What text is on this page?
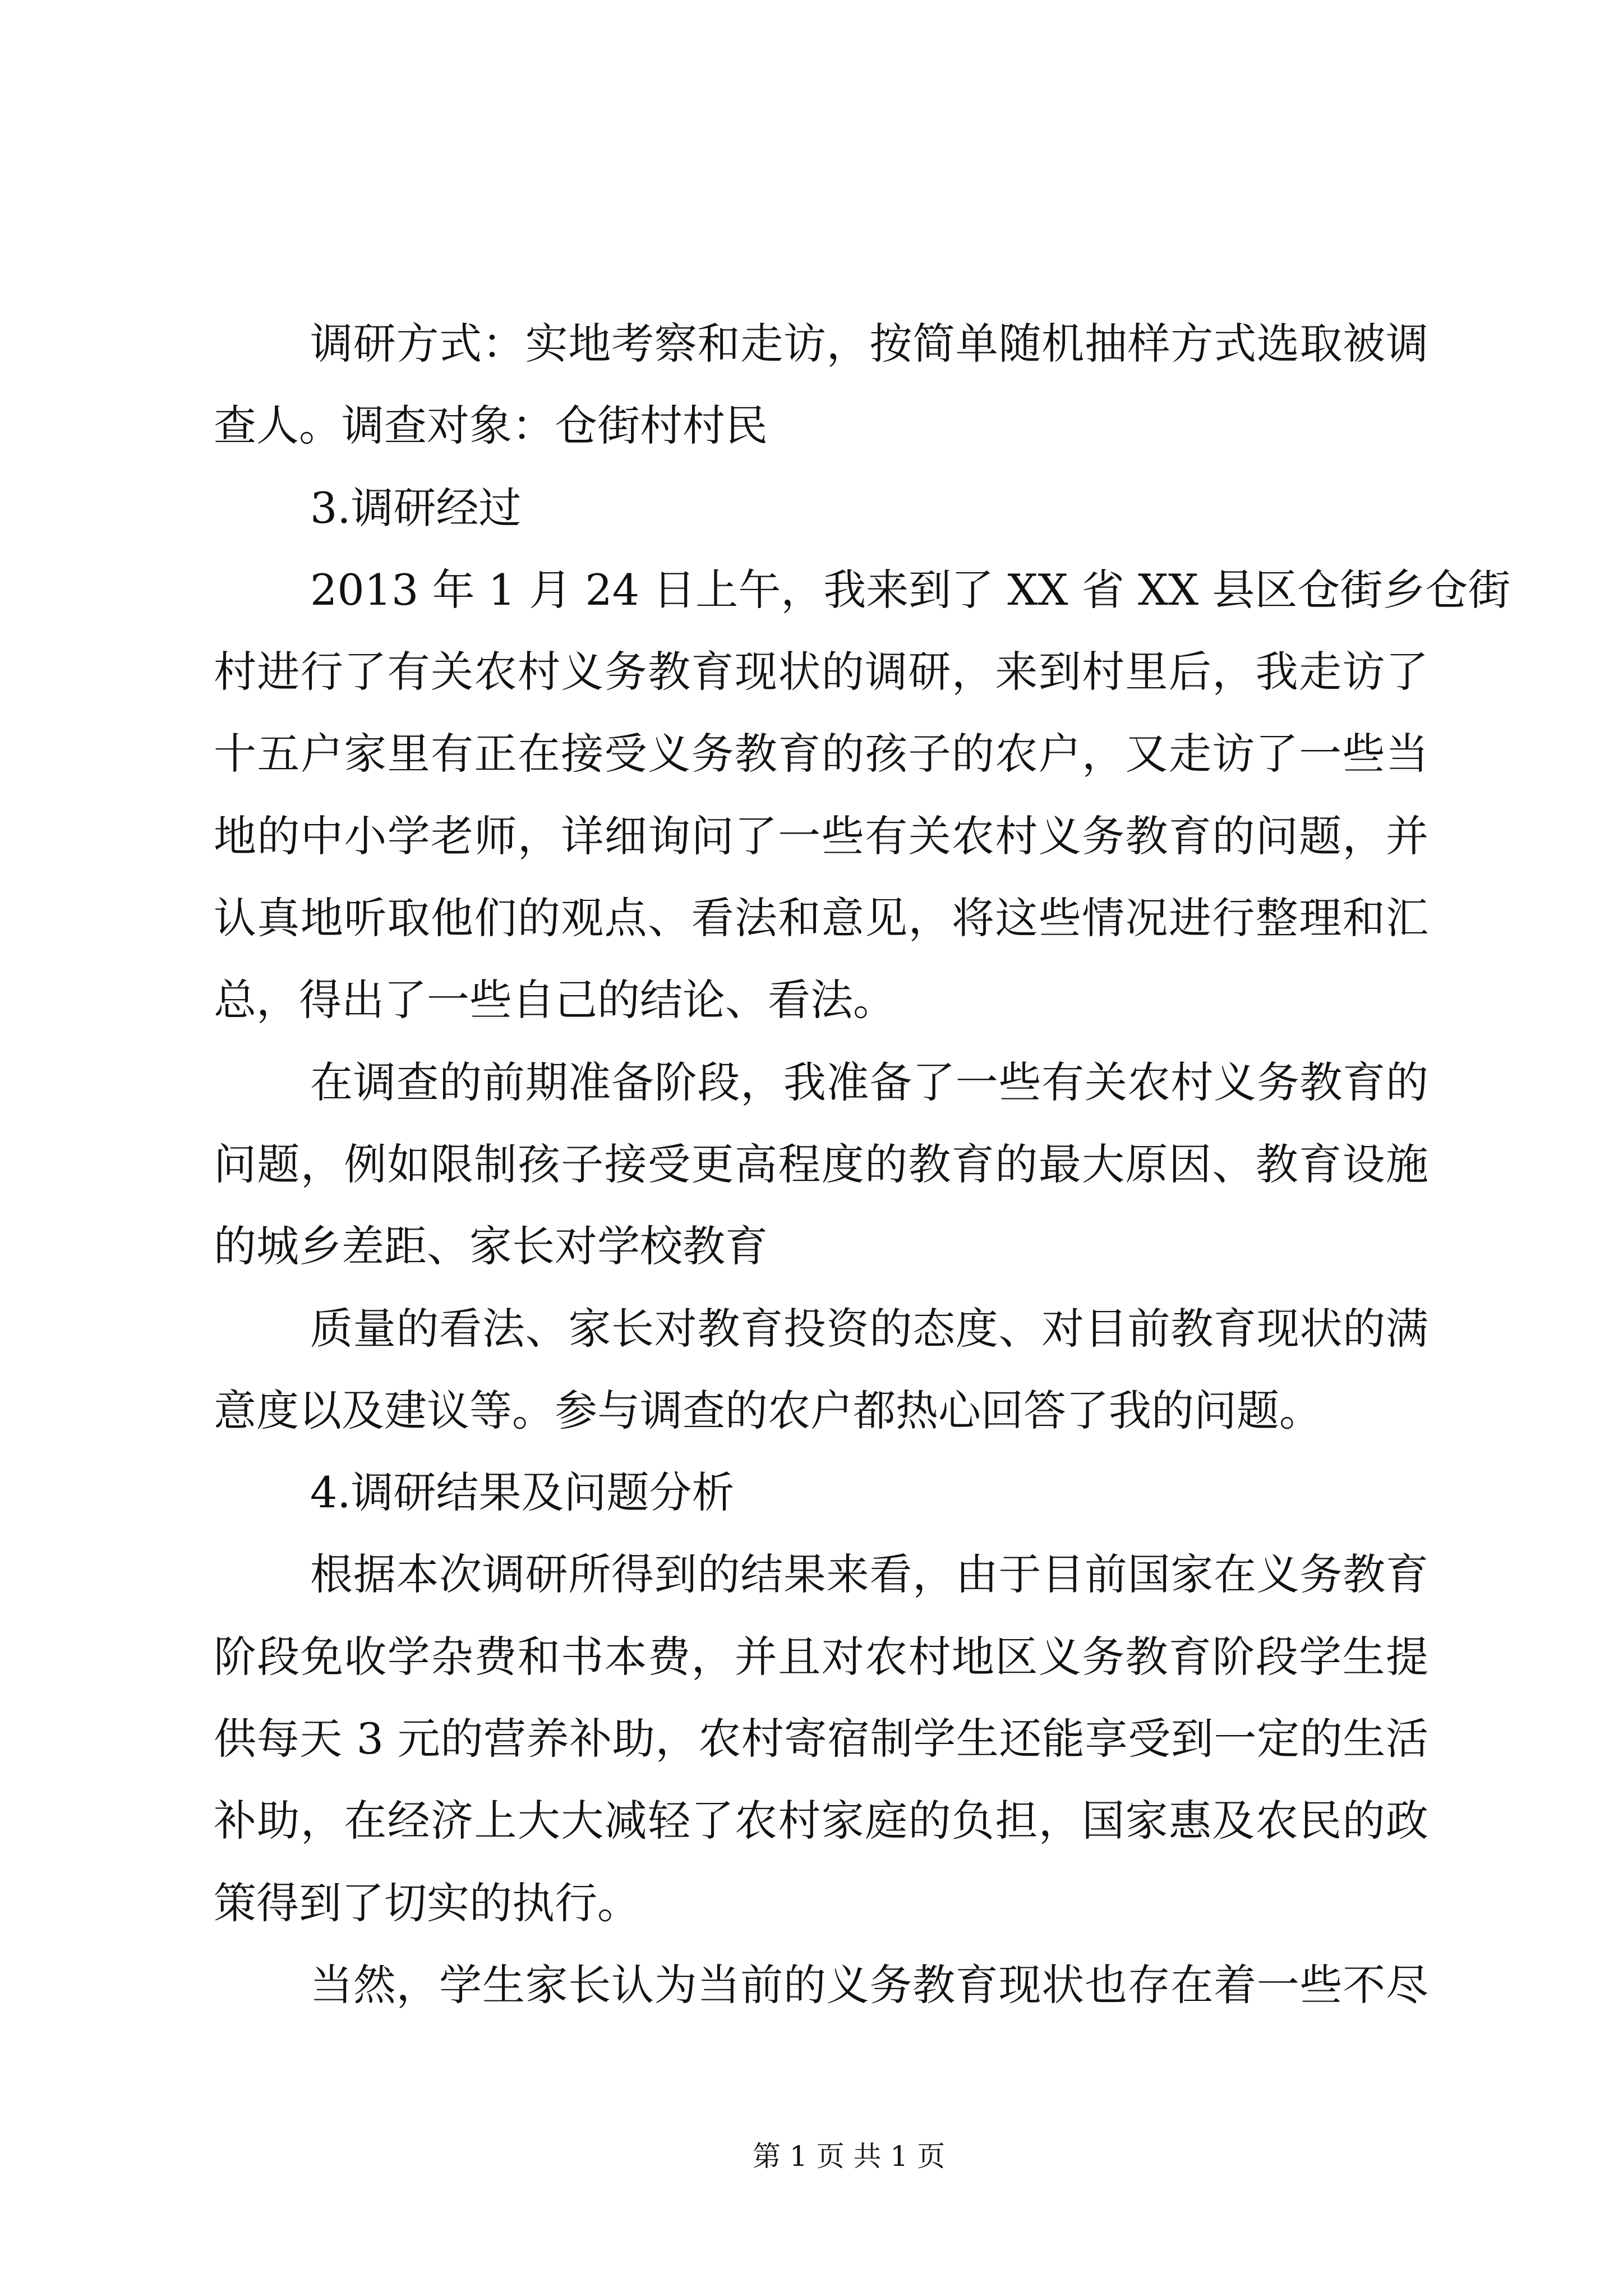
调研方式：实地考察和走访，按简单随机抽样方式选取被调
查人。调查对象：仓街村村民
3.调研经过
2013 年 1 月 24 日上午，我来到了 XX 省 XX 县区仓街乡仓街
村进行了有关农村义务教育现状的调研，来到村里后，我走访了
十五户家里有正在接受义务教育的孩子的农户，又走访了一些当
地的中小学老师，详细询问了一些有关农村义务教育的问题，并
认真地听取他们的观点、看法和意见，将这些情况进行整理和汇
总，得出了一些自己的结论、看法。
在调查的前期准备阶段，我准备了一些有关农村义务教育的
问题，例如限制孩子接受更高程度的教育的最大原因、教育设施
的城乡差距、家长对学校教育
质量的看法、家长对教育投资的态度、对目前教育现状的满
意度以及建议等。参与调查的农户都热心回答了我的问题。
4.调研结果及问题分析
根据本次调研所得到的结果来看，由于目前国家在义务教育
阶段免收学杂费和书本费，并且对农村地区义务教育阶段学生提
供每天 3 元的营养补助，农村寄宿制学生还能享受到一定的生活
补助，在经济上大大减轻了农村家庭的负担，国家惠及农民的政
策得到了切实的执行。
当然，学生家长认为当前的义务教育现状也存在着一些不尽
第 1 页 共 1 页
